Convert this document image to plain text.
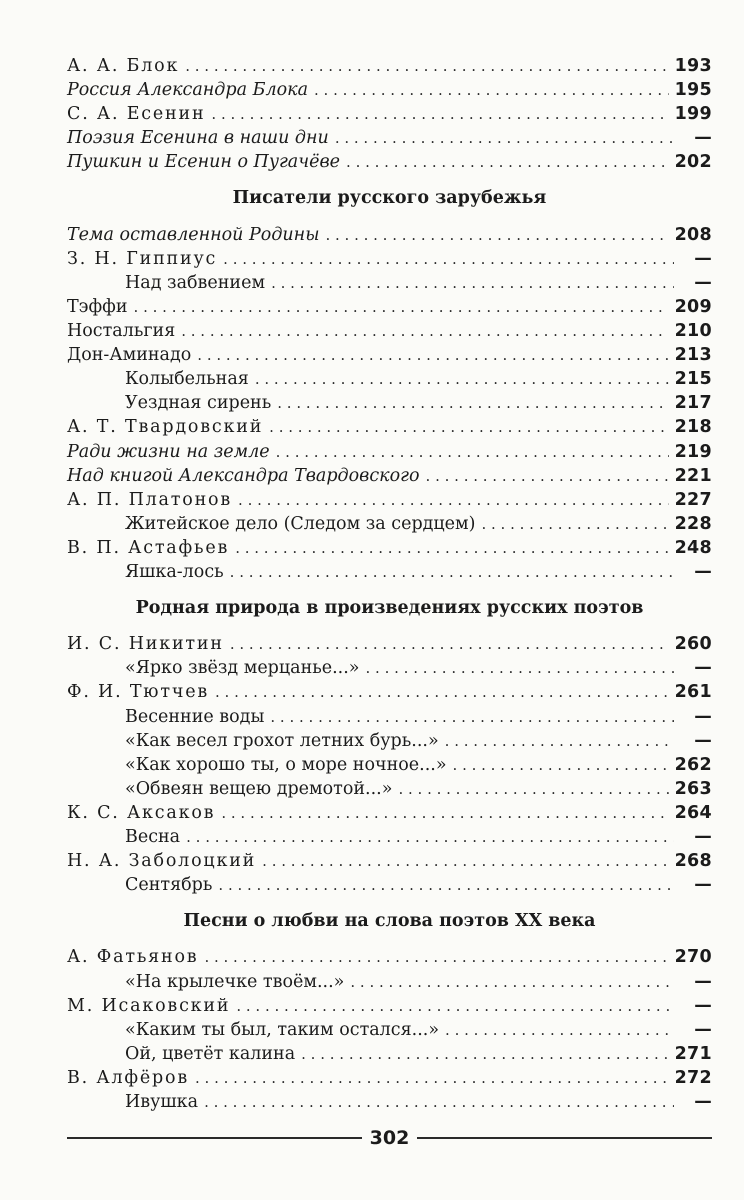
А. А. Блок . . .	193
Россия Александра Блока . . .	195
С. А. Есенин . . .	199
Поэзия Есенина в наши дни . . .	—
Пушкин и Есенин о Пугачёве . . .	202
Писатели русского зарубежья
Тема оставленной Родины . . .	208
З. Н. Гиппиус . . .	—
Над забвением . . .	—
Тэффи . . .	209
Ностальгия . . .	210
Дон-Аминадо . . .	213
Колыбельная . . .	215
Уездная сирень . . .	217
А. Т. Твардовский . . .	218
Ради жизни на земле . . .	219
Над книгой Александра Твардовского . . .	221
А. П. Платонов . . .	227
Житейское дело (Следом за сердцем) . . .	228
В. П. Астафьев . . .	248
Яшка-лось . . .	—
Родная природа в произведениях русских поэтов
И. С. Никитин . . .	260
«Ярко звёзд мерцанье...» . . .	—
Ф. И. Тютчев . . .	261
Весенние воды . . .	—
«Как весел грохот летних бурь...» . . .	—
«Как хорошо ты, о море ночное...» . . .	262
«Обвеян вещею дремотой...» . . .	263
К. С. Аксаков . . .	264
Весна . . .	—
Н. А. Заболоцкий . . .	268
Сентябрь . . .	—
Песни о любви на слова поэтов XX века
А. Фатьянов . . .	270
«На крылечке твоём...» . . .	—
М. Исаковский . . .	—
«Каким ты был, таким остался...» . . .	—
Ой, цветёт калина . . .	271
В. Алфёров . . .	272
Ивушка . . .	—
302
